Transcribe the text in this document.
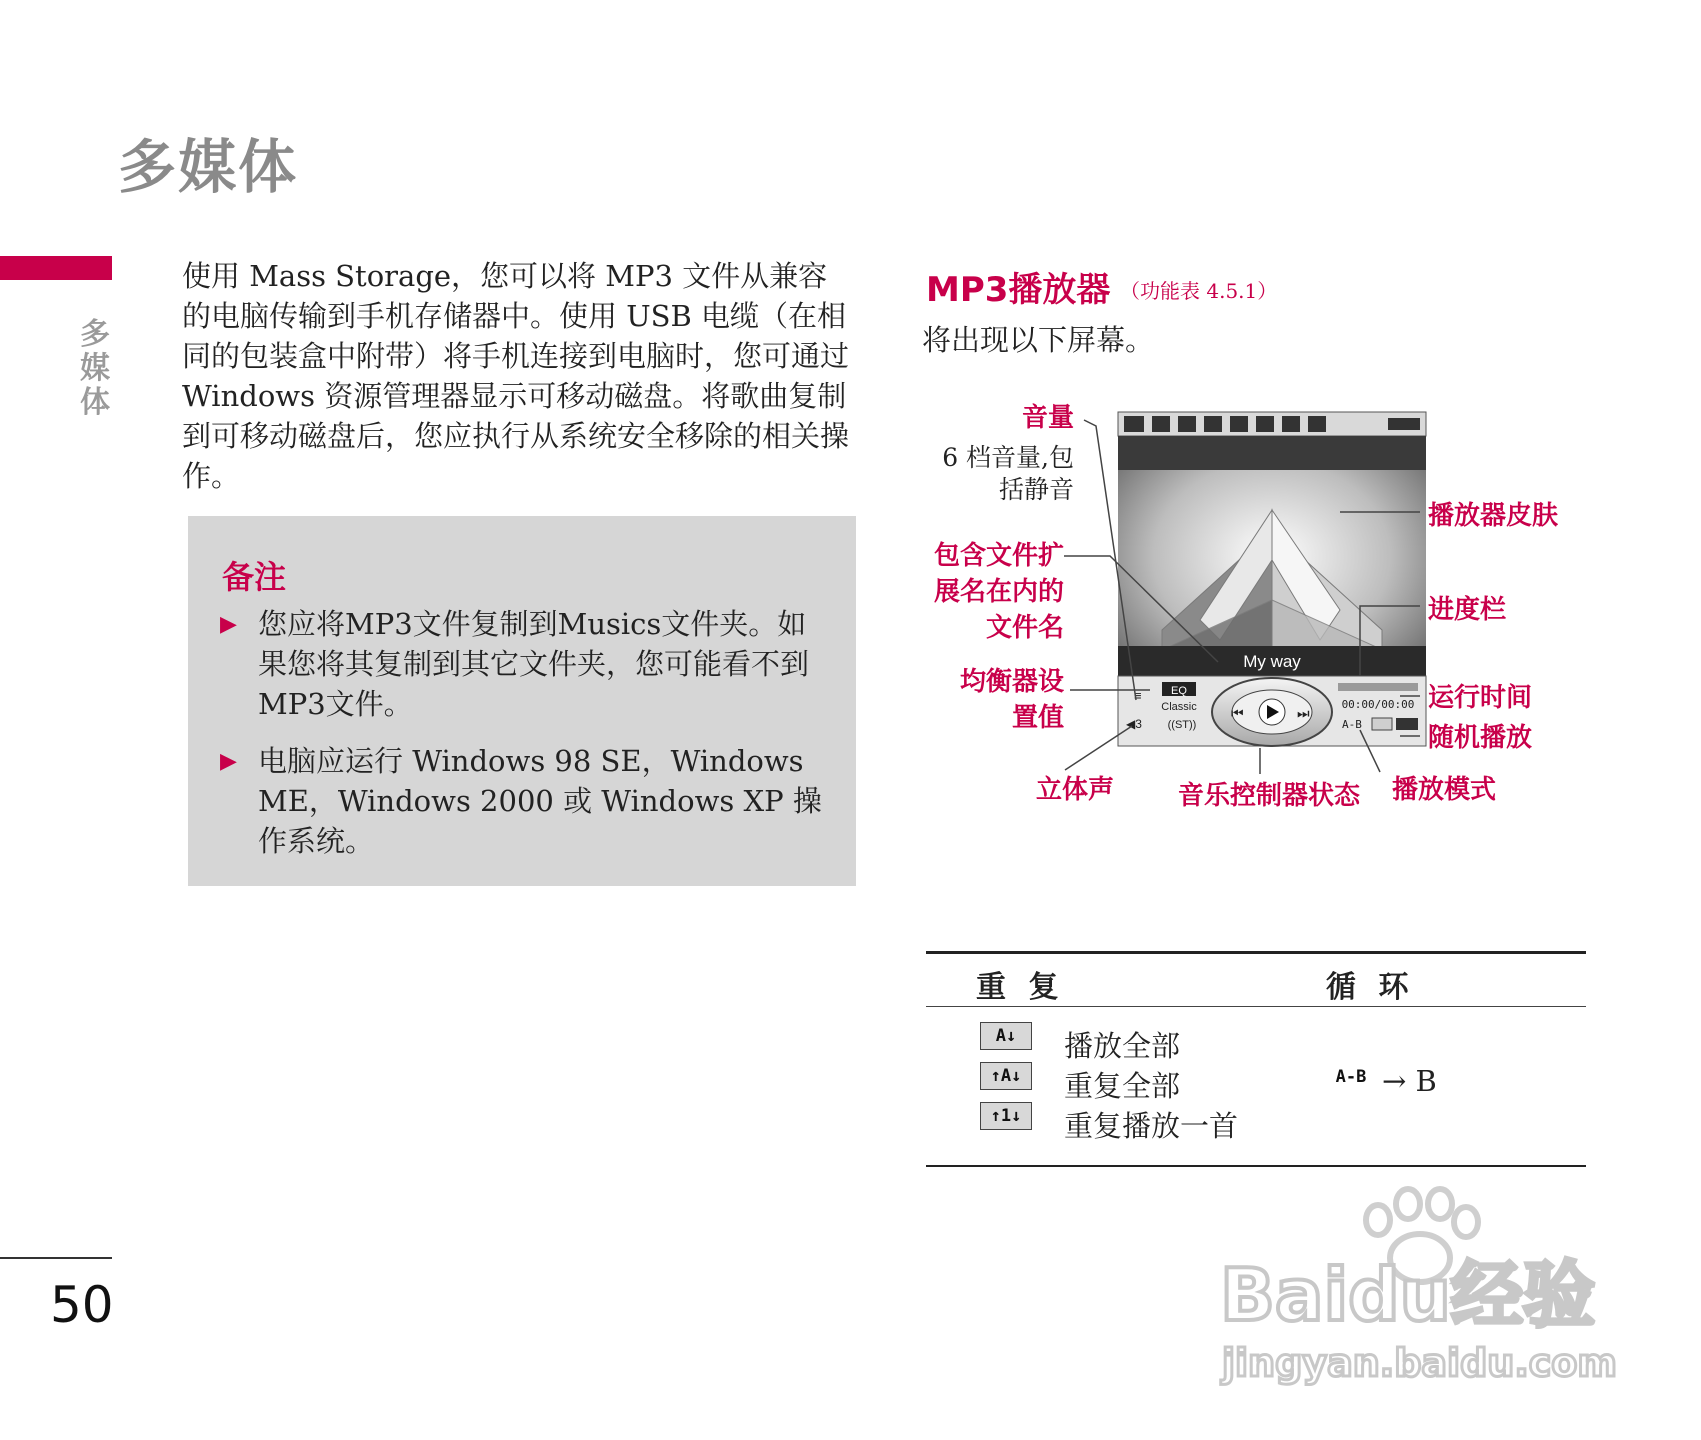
多媒体
多媒体
50

使用 Mass Storage，您可以将 MP3 文件从兼容的电脑传输到手机存储器中。使用 USB 电缆（在相同的包装盒中附带）将手机连接到电脑时，您可通过 Windows 资源管理器显示可移动磁盘。将歌曲复制到可移动磁盘后，您应执行从系统安全移除的相关操作。

备注
▶ 您应将MP3文件复制到Musics文件夹。如果您将其复制到其它文件夹，您可能看不到MP3文件。

▶ 电脑应运行 Windows 98 SE，Windows ME，Windows 2000 或 Windows XP 操作系统。

MP3播放器 （功能表 4.5.1）
将出现以下屏幕。
My way
≡	EQ
Classic
◀3 ((ST))
⏮	⏭
00:00/00:00
A-B
音量
6 档音量,包
括静音
包含文件扩
展名在内的
文件名
均衡器设
置值
立体声 音乐控制器状态 播放模式
播放器皮肤
进度栏
运行时间
随机播放
重 复	循 环
A↓	播放全部
↑A↓	重复全部
↑1↓	重复播放一首
A-B → B
Baidu经验
jingyan.baidu.com
